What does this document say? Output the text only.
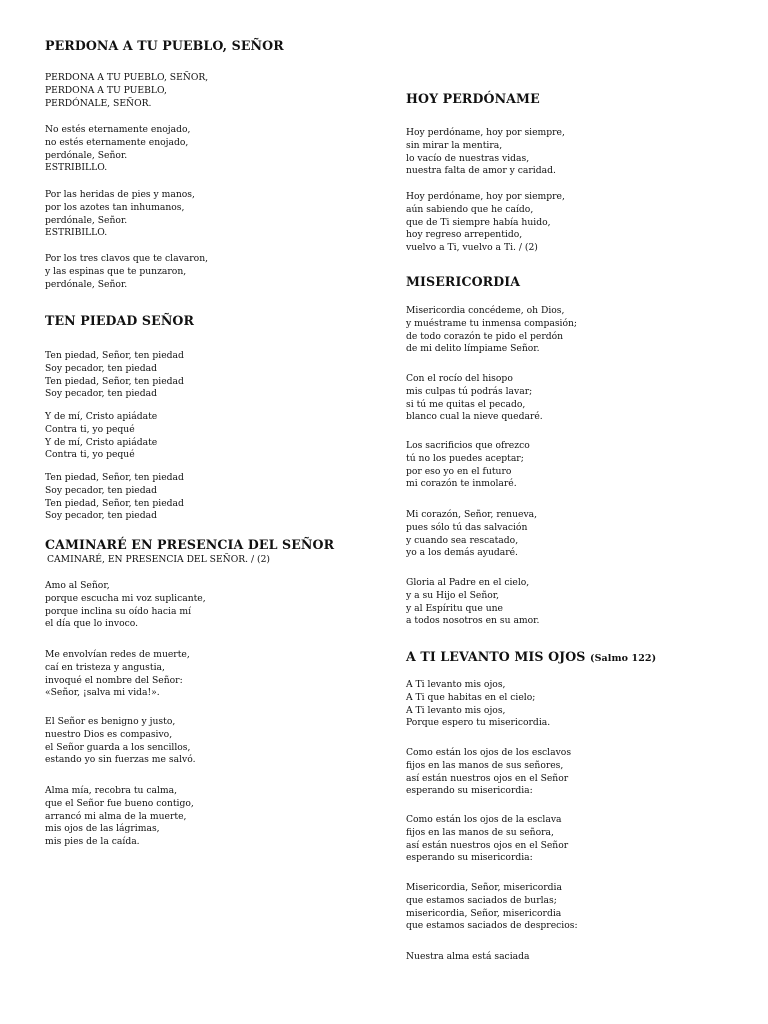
PERDONA A TU PUEBLO, SEÑOR
PERDONA A TU PUEBLO, SEÑOR,
PERDONA A TU PUEBLO,
PERDÓNALE, SEÑOR.
No estés eternamente enojado,
no estés eternamente enojado,
perdónale, Señor.
ESTRIBILLO.
Por las heridas de pies y manos,
por los azotes tan inhumanos,
perdónale, Señor.
ESTRIBILLO.
Por los tres clavos que te clavaron,
y las espinas que te punzaron,
perdónale, Señor.
TEN PIEDAD SEÑOR
Ten piedad, Señor, ten piedad
Soy pecador, ten piedad
Ten piedad, Señor, ten piedad
Soy pecador, ten piedad
Y de mí, Cristo apiádate
Contra ti, yo pequé
Y de mí, Cristo apiádate
Contra ti, yo pequé
Ten piedad, Señor, ten piedad
Soy pecador, ten piedad
Ten piedad, Señor, ten piedad
Soy pecador, ten piedad
CAMINARÉ EN PRESENCIA DEL SEÑOR
CAMINARÉ, EN PRESENCIA DEL SEÑOR. / (2)
Amo al Señor,
porque escucha mi voz suplicante,
porque inclina su oído hacia mí
el día que lo invoco.
Me envolvían redes de muerte,
caí en tristeza y angustia,
invoqué el nombre del Señor:
«Señor, ¡salva mi vida!».
El Señor es benigno y justo,
nuestro Dios es compasivo,
el Señor guarda a los sencillos,
estando yo sin fuerzas me salvó.
Alma mía, recobra tu calma,
que el Señor fue bueno contigo,
arrancó mi alma de la muerte,
mis ojos de las lágrimas,
mis pies de la caída.
HOY PERDÓNAME
Hoy perdóname, hoy por siempre,
sin mirar la mentira,
lo vacío de nuestras vidas,
nuestra falta de amor y caridad.
Hoy perdóname, hoy por siempre,
aún sabiendo que he caído,
que de Ti siempre había huido,
hoy regreso arrepentido,
vuelvo a Ti, vuelvo a Ti. / (2)
MISERICORDIA
Misericordia concédeme, oh Dios,
y muéstrame tu inmensa compasión;
de todo corazón te pido el perdón
de mi delito límpiame Señor.
Con el rocío del hisopo
mis culpas tú podrás lavar;
si tú me quitas el pecado,
blanco cual la nieve quedaré.
Los sacrificios que ofrezco
tú no los puedes aceptar;
por eso yo en el futuro
mi corazón te inmolaré.
Mi corazón, Señor, renueva,
pues sólo tú das salvación
y cuando sea rescatado,
yo a los demás ayudaré.
Gloria al Padre en el cielo,
y a su Hijo el Señor,
y al Espíritu que une
a todos nosotros en su amor.
A TI LEVANTO MIS OJOS (Salmo 122)
A Ti levanto mis ojos,
A Ti que habitas en el cielo;
A Ti levanto mis ojos,
Porque espero tu misericordia.
Como están los ojos de los esclavos
fijos en las manos de sus señores,
así están nuestros ojos en el Señor
esperando su misericordia:
Como están los ojos de la esclava
fijos en las manos de su señora,
así están nuestros ojos en el Señor
esperando su misericordia:
Misericordia, Señor, misericordia
que estamos saciados de burlas;
misericordia, Señor, misericordia
que estamos saciados de desprecios:
Nuestra alma está saciada
